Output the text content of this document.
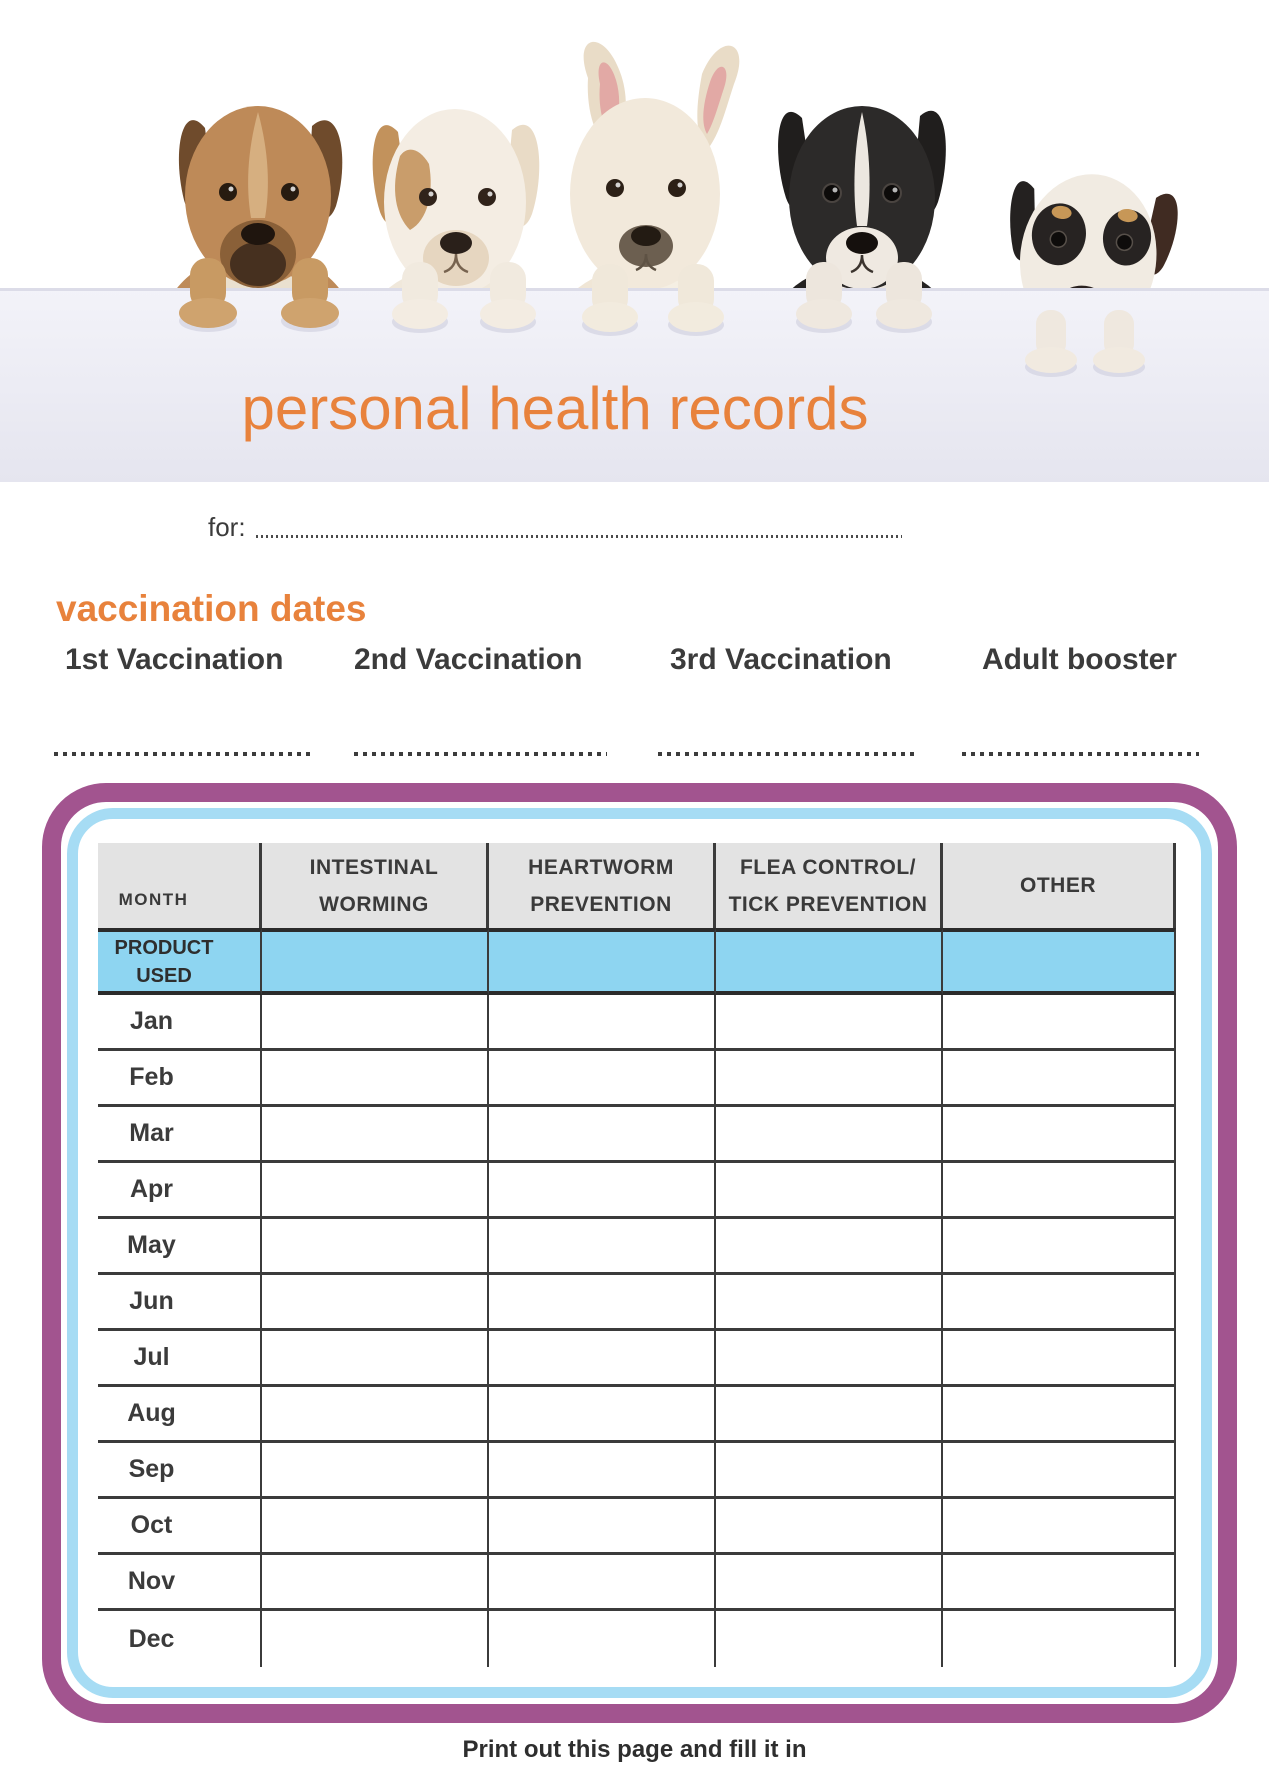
personal health records
for:
vaccination dates
1st Vaccination 2nd Vaccination	3rd Vaccination	Adult booster
MONTH
INTESTINAL
WORMING
HEARTWORM
PREVENTION
FLEA CONTROL/
TICK PREVENTION
OTHER
PRODUCT
USED
Jan
Feb
Mar
Apr
May
Jun
Jul
Aug
Sep
Oct
Nov
Dec
Print out this page and fill it in
